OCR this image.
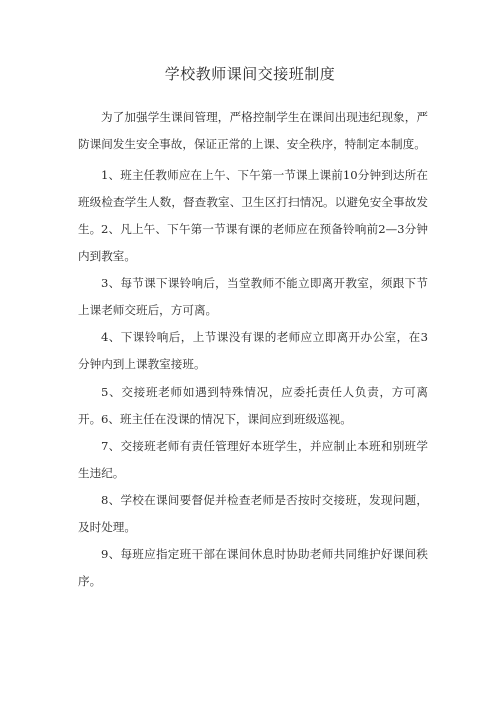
学校教师课间交接班制度

为了加强学生课间管理，严格控制学生在课间出现违纪现象，严防课间发生安全事故，保证正常的上课、安全秩序，特制定本制度。

1、班主任教师应在上午、下午第一节课上课前10分钟到达所在班级检查学生人数，督查教室、卫生区打扫情况。以避免安全事故发生。 2、凡上午、下午第一节课有课的老师应在预备铃响前2—3分钟内到教室。

3、每节课下课铃响后，当堂教师不能立即离开教室，须跟下节上课老师交班后，方可离。

4、下课铃响后，上节课没有课的老师应立即离开办公室，在3分钟内到上课教室接班。

5、交接班老师如遇到特殊情况，应委托责任人负责，方可离开。 6、班主任在没课的情况下，课间应到班级巡视。

7、交接班老师有责任管理好本班学生，并应制止本班和别班学生违纪。

8、学校在课间要督促并检查老师是否按时交接班，发现问题，及时处理。

9、每班应指定班干部在课间休息时协助老师共同维护好课间秩序。
